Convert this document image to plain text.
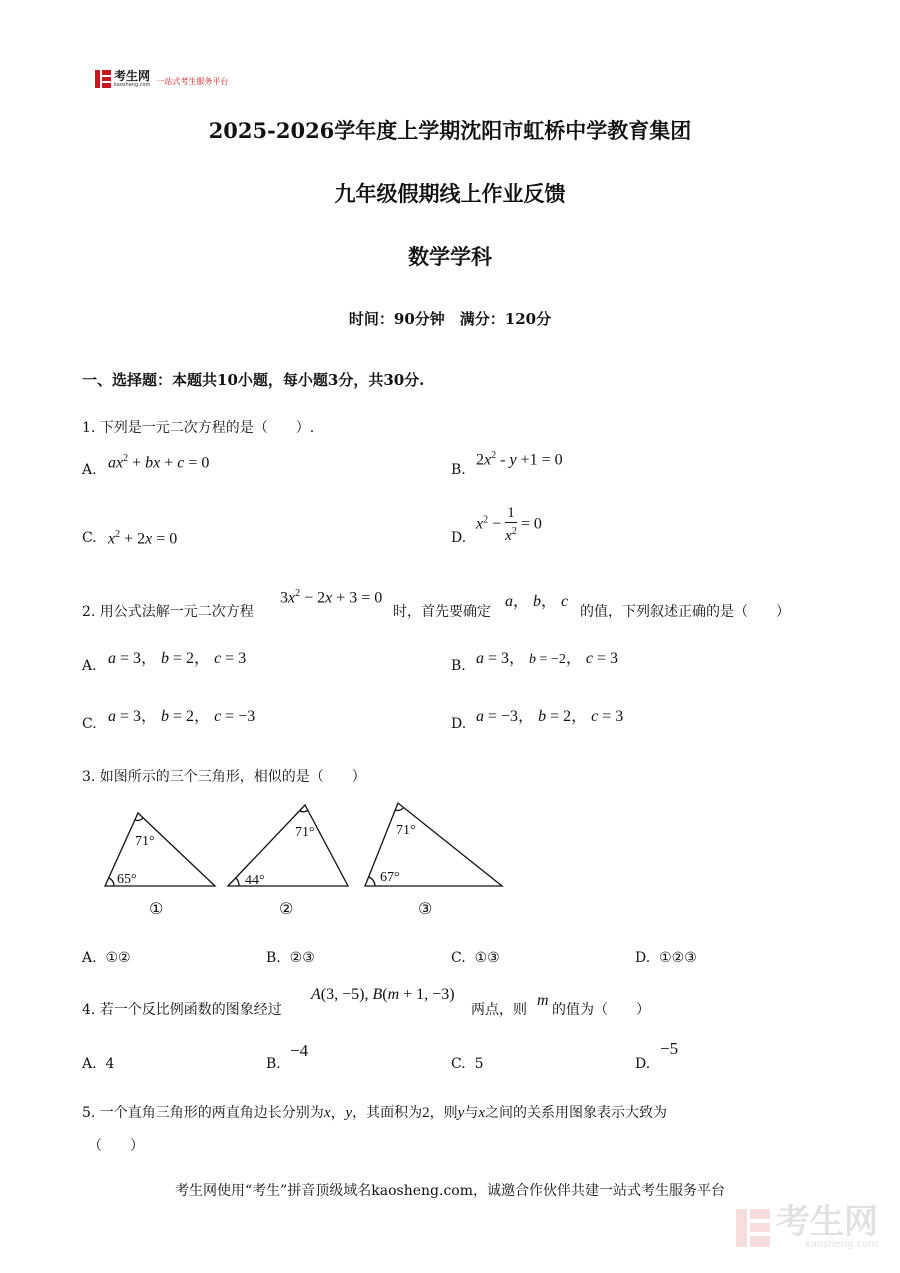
考生网
kaosheng.com 一站式考生服务平台
2025-2026学年度上学期沈阳市虹桥中学教育集团
九年级假期线上作业反馈
数学学科
时间：90分钟　满分：120分
一、选择题：本题共10小题，每小题3分，共30分.
1. 下列是一元二次方程的是（　　）.
A. $ax^2$ + bx + c = 0	B.
$2x^2 - y +1 = 0$
C. $x^2 + 2x = 0$	D.
$x^2 - \frac{1}{x^2} = 0$
2. 用公式法解一元二次方程
$3x^2 - 2x + 3 = 0$
时，首先要确定
a， b， c
的值，下列叙述正确的是（　　）
A. a = 3， b = 2， c = 3	B. a = 3， b = −2， c = 3
C. a = 3， b = 2， c = −3	D. a = −3， b = 2， c = 3
3. 如图所示的三个三角形，相似的是（　　）
71°
65°
71°
44°
71°
67°
①	②	③
A. ①②	B. ②③	C. ①③	D. ①②③
4. 若一个反比例函数的图象经过
A(3, −5), B(m + 1, −3)
两点，则
m
的值为（　　）
A. 4	B.
−4
C. 5	D.
−5
5. 一个直角三角形的两直角边长分别为x，y，其面积为2，则y与x之间的关系用图象表示大致为
（　　）
考生网使用“考生”拼音顶级域名kaosheng.com，诚邀合作伙伴共建一站式考生服务平台
考生网
kaosheng.com
